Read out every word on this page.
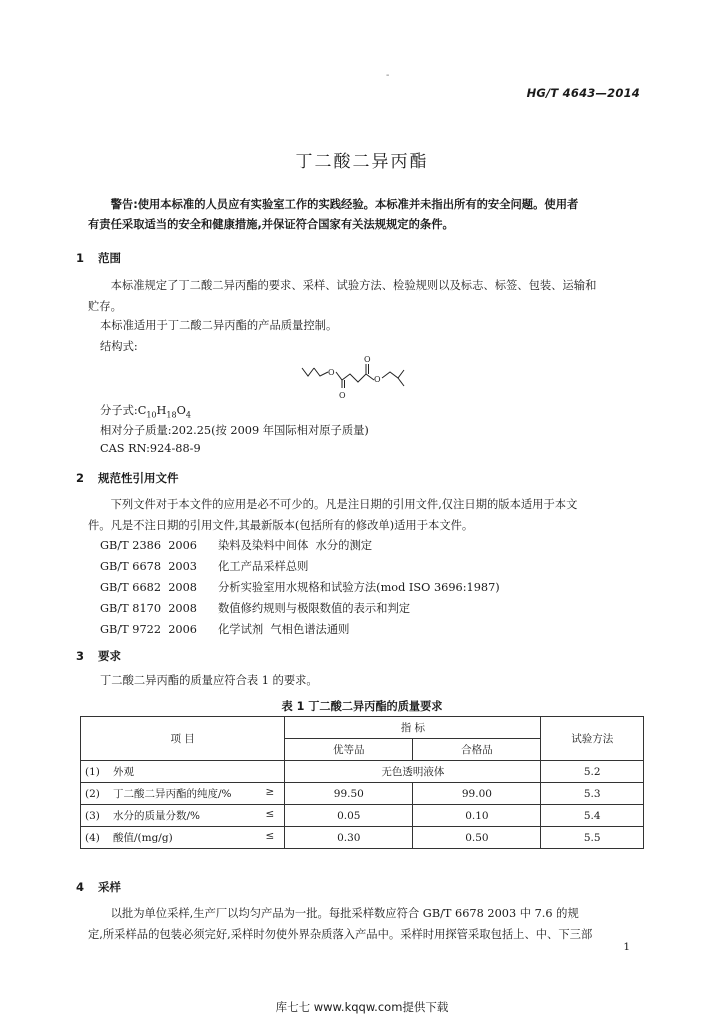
-
HG/T 4643—2014
丁二酸二异丙酯
警告:使用本标准的人员应有实验室工作的实践经验。本标准并未指出所有的安全问题。使用者
有责任采取适当的安全和健康措施,并保证符合国家有关法规规定的条件。
1 范围
本标准规定了丁二酸二异丙酯的要求、采样、试验方法、检验规则以及标志、标签、包装、运输和
贮存。
本标准适用于丁二酸二异丙酯的产品质量控制。
结构式:
O
O
O
O
分子式$:C_{10}H_{18}O_4$
相对分子质量:202.25(按 2009 年国际相对原子质量)
CAS RN:924-88-9
2 规范性引用文件
下列文件对于本文件的应用是必不可少的。凡是注日期的引用文件,仅注日期的版本适用于本文
件。凡是不注日期的引用文件,其最新版本(包括所有的修改单)适用于本文件。
GB/T 2386  2006 染料及染料中间体  水分的测定
GB/T 6678  2003 化工产品采样总则
GB/T 6682  2008 分析实验室用水规格和试验方法(mod ISO 3696:1987)
GB/T 8170  2008 数值修约规则与极限数值的表示和判定
GB/T 9722  2006 化学试剂  气相色谱法通则
3 要求
丁二酸二异丙酯的质量应符合表 1 的要求。
表 1 丁二酸二异丙酯的质量要求
项 目	指 标		试验方法
	优等品	合格品	
(1) 外观	无色透明液体		5.2
(2) 丁二酸二异丙酯的纯度/% ≥	99.50	99.00	5.3
(3) 水分的质量分数/% ≤	0.05	0.10	5.4
(4) 酸值/(mg/g) ≤	0.30	0.50	5.5
4 采样
以批为单位采样,生产厂以均匀产品为一批。每批采样数应符合 GB/T 6678 2003 中 7.6 的规
定,所采样品的包装必须完好,采样时勿使外界杂质落入产品中。采样时用探管采取包括上、中、下三部
1
库七七 www.kqqw.com提供下载
